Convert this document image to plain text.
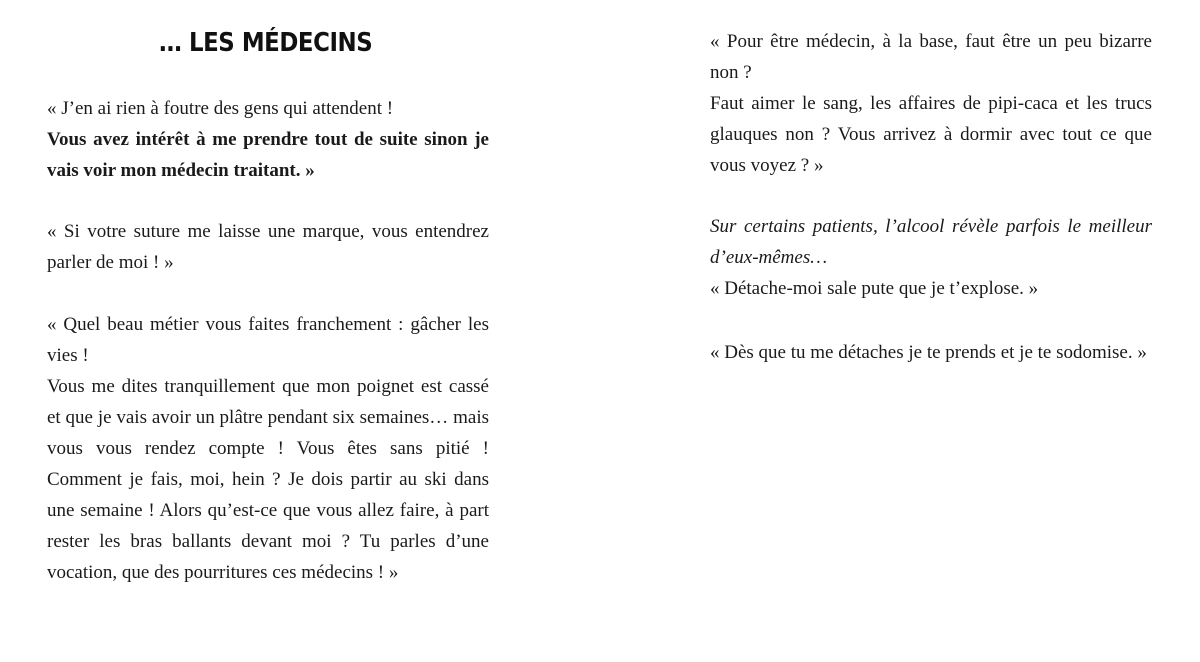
… LES MÉDECINS

« J’en ai rien à foutre des gens qui attendent !
Vous avez intérêt à me prendre tout de suite sinon je vais voir mon médecin traitant. »

« Si votre suture me laisse une marque, vous entendrez parler de moi ! »

« Quel beau métier vous faites franchement : gâcher les vies !
Vous me dites tranquillement que mon poignet est cassé et que je vais avoir un plâtre pendant six semaines… mais vous vous rendez compte ! Vous êtes sans pitié ! Comment je fais, moi, hein ? Je dois partir au ski dans une semaine ! Alors qu’est-ce que vous allez faire, à part rester les bras ballants devant moi ? Tu parles d’une vocation, que des pourritures ces médecins ! »

« Pour être médecin, à la base, faut être un peu bizarre non ?
Faut aimer le sang, les affaires de pipi-caca et les trucs glauques non ? Vous arrivez à dormir avec tout ce que vous voyez ? »

Sur certains patients, l’alcool révèle parfois le meilleur d’eux-mêmes…
« Détache-moi sale pute que je t’explose. »

« Dès que tu me détaches je te prends et je te sodomise. »
